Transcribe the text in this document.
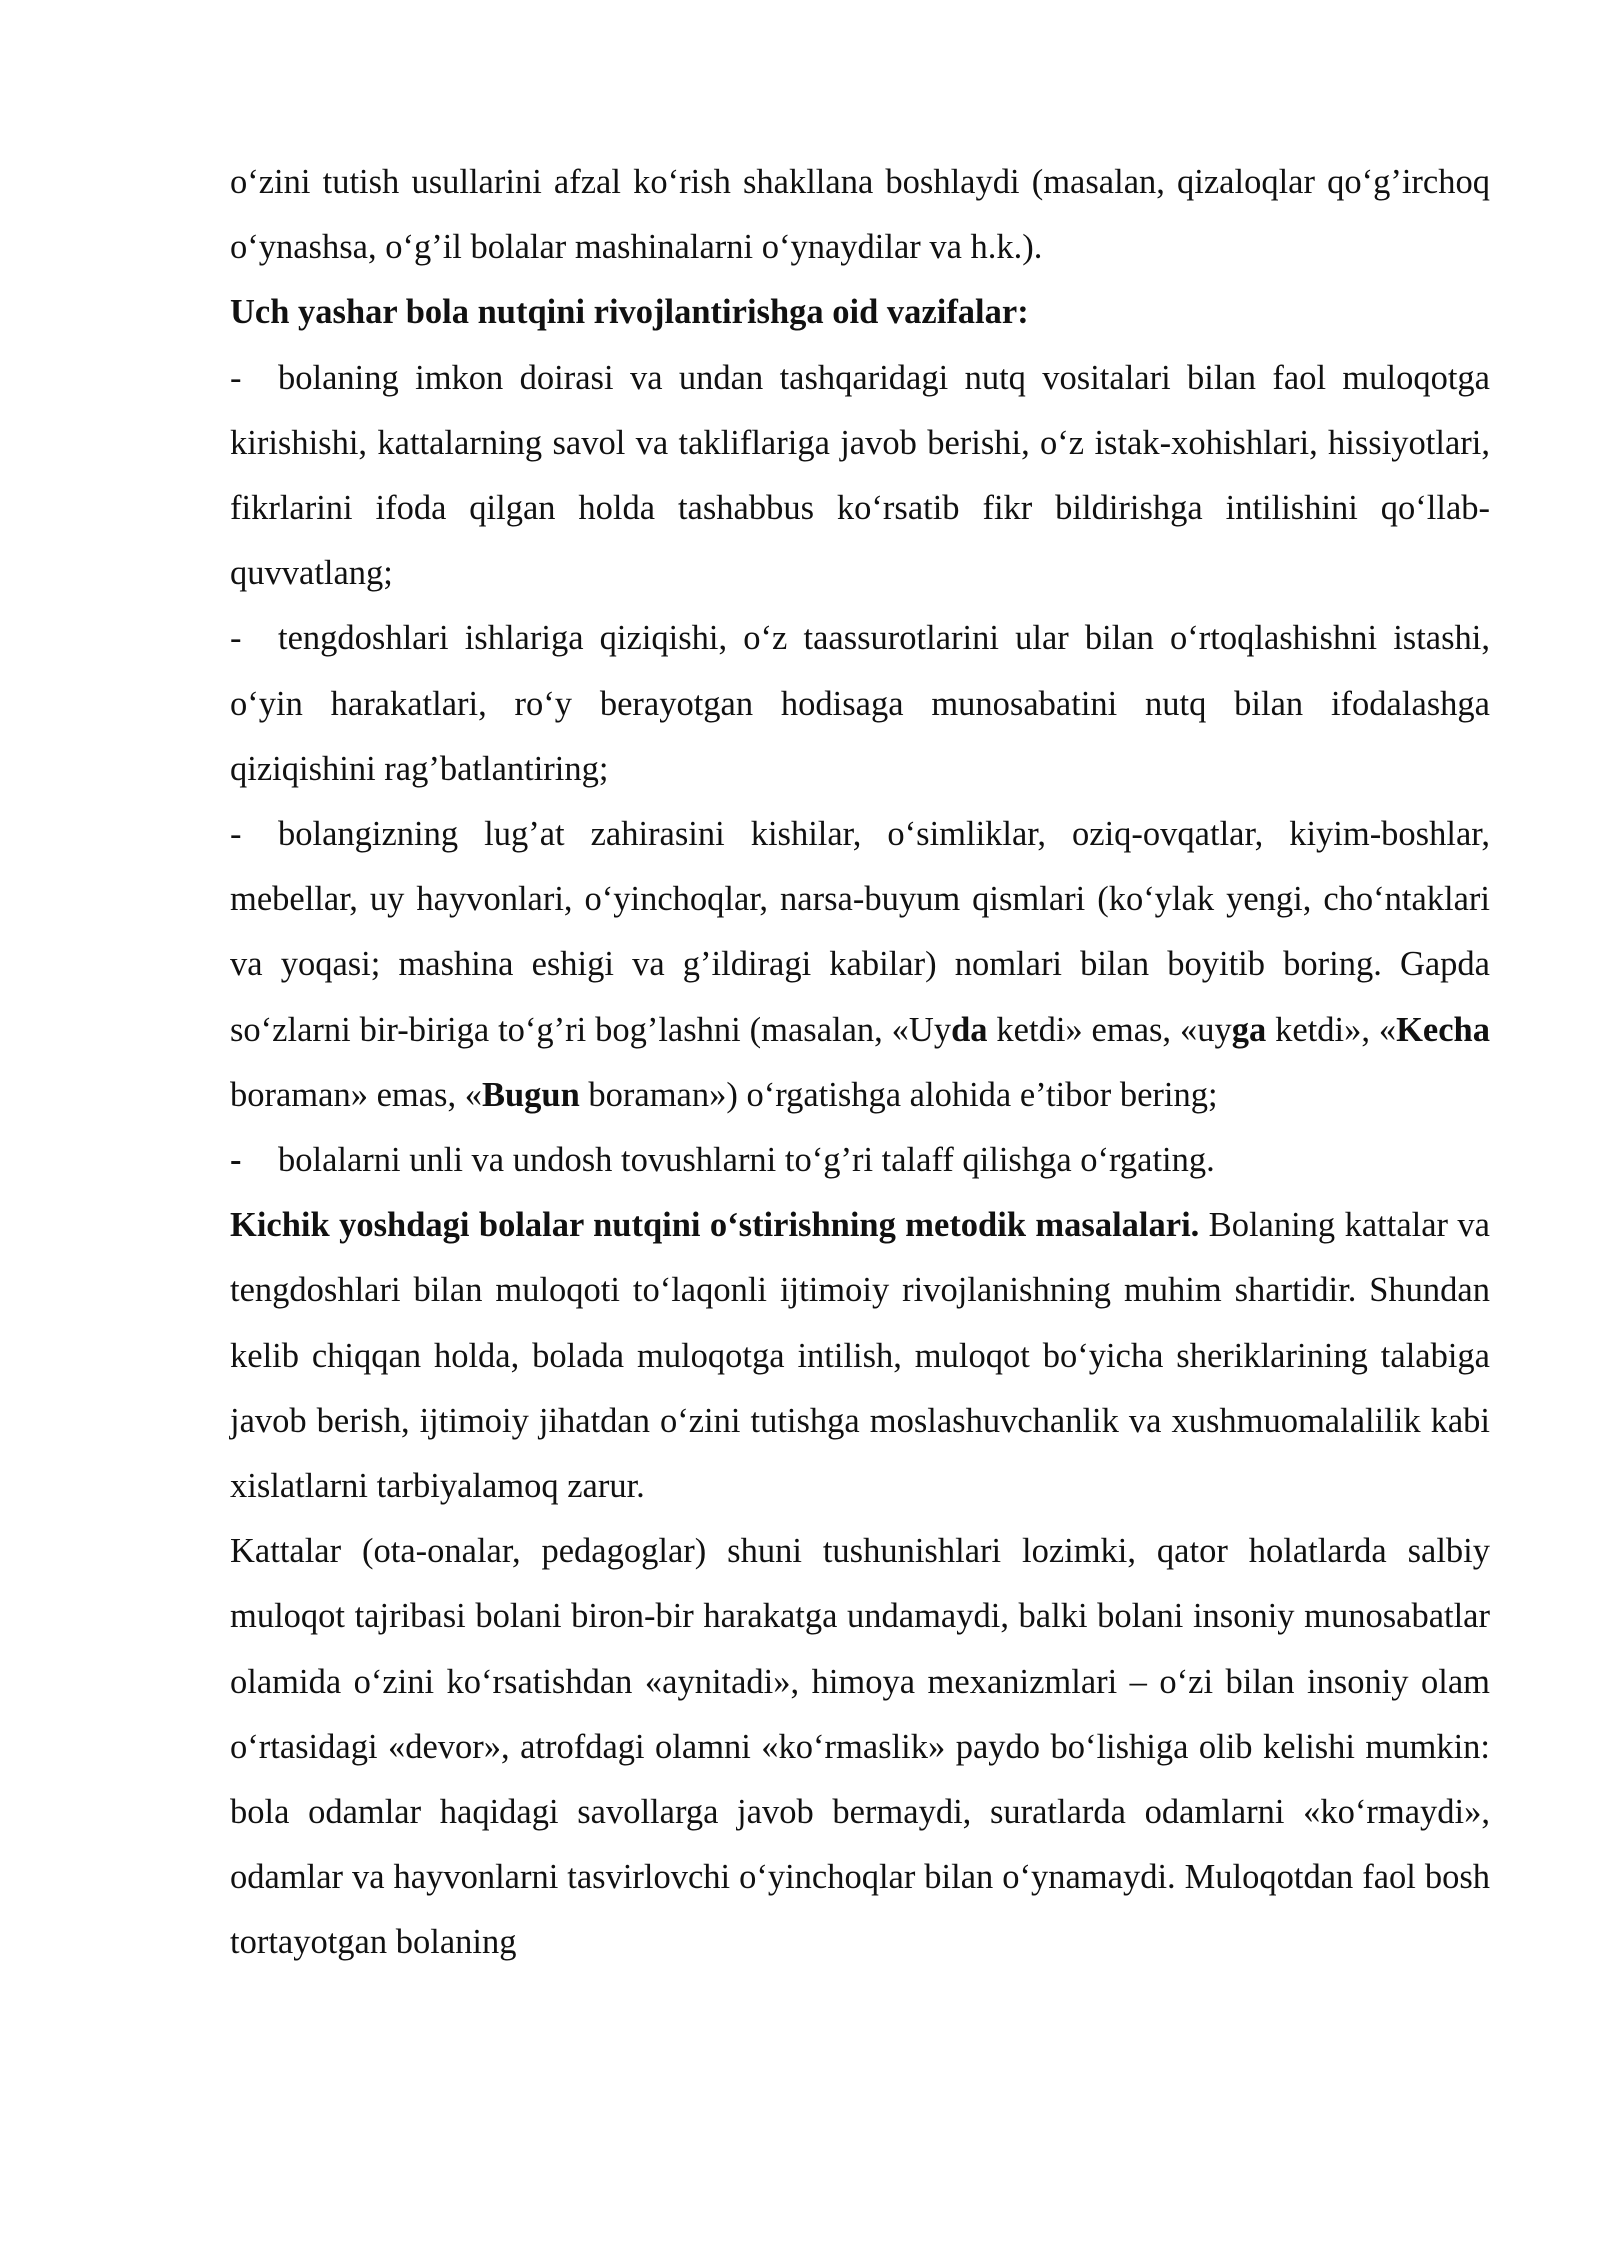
o‘zini tutish usullarini afzal ko‘rish shakllana boshlaydi (masalan, qizaloqlar qo‘g’irchoq o‘ynashsa, o‘g’il bolalar mashinalarni o‘ynaydilar va h.k.).

Uch yashar bola nutqini rivojlantirishga oid vazifalar:

- bolaning imkon doirasi va undan tashqaridagi nutq vositalari bilan faol muloqotga kirishishi, kattalarning savol va takliflariga javob berishi, o‘z istak-xohishlari, hissiyotlari, fikrlarini ifoda qilgan holda tashabbus ko‘rsatib fikr bildirishga intilishini qo‘llab-quvvatlang;

- tengdoshlari ishlariga qiziqishi, o‘z taassurotlarini ular bilan o‘rtoqlashishni istashi, o‘yin harakatlari, ro‘y berayotgan hodisaga munosabatini nutq bilan ifodalashga qiziqishini rag’batlantiring;

- bolangizning lug’at zahirasini kishilar, o‘simliklar, oziq-ovqatlar, kiyim-boshlar, mebellar, uy hayvonlari, o‘yinchoqlar, narsa-buyum qismlari (ko‘ylak yengi, cho‘ntaklari va yoqasi; mashina eshigi va g’ildiragi kabilar) nomlari bilan boyitib boring. Gapda so‘zlarni bir-biriga to‘g’ri bog’lashni (masalan, «Uyda ketdi» emas, «uyga ketdi», «Kecha boraman» emas, «Bugun boraman») o‘rgatishga alohida e’tibor bering;

- bolalarni unli va undosh tovushlarni to‘g’ri talaff qilishga o‘rgating.

Kichik yoshdagi bolalar nutqini o‘stirishning metodik masalalari. Bolaning kattalar va tengdoshlari bilan muloqoti to‘laqonli ijtimoiy rivojlanishning muhim shartidir. Shundan kelib chiqqan holda, bolada muloqotga intilish, muloqot bo‘yicha sheriklarining talabiga javob berish, ijtimoiy jihatdan o‘zini tutishga moslashuvchanlik va xushmuomalalilik kabi xislatlarni tarbiyalamoq zarur.

Kattalar (ota-onalar, pedagoglar) shuni tushunishlari lozimki, qator holatlarda salbiy muloqot tajribasi bolani biron-bir harakatga undamaydi, balki bolani insoniy munosabatlar olamida o‘zini ko‘rsatishdan «aynitadi», himoya mexanizmlari – o‘zi bilan insoniy olam o‘rtasidagi «devor», atrofdagi olamni «ko‘rmaslik» paydo bo‘lishiga olib kelishi mumkin: bola odamlar haqidagi savollarga javob bermaydi, suratlarda odamlarni «ko‘rmaydi», odamlar va hayvonlarni tasvirlovchi o‘yinchoqlar bilan o‘ynamaydi. Muloqotdan faol bosh tortayotgan bolaning
